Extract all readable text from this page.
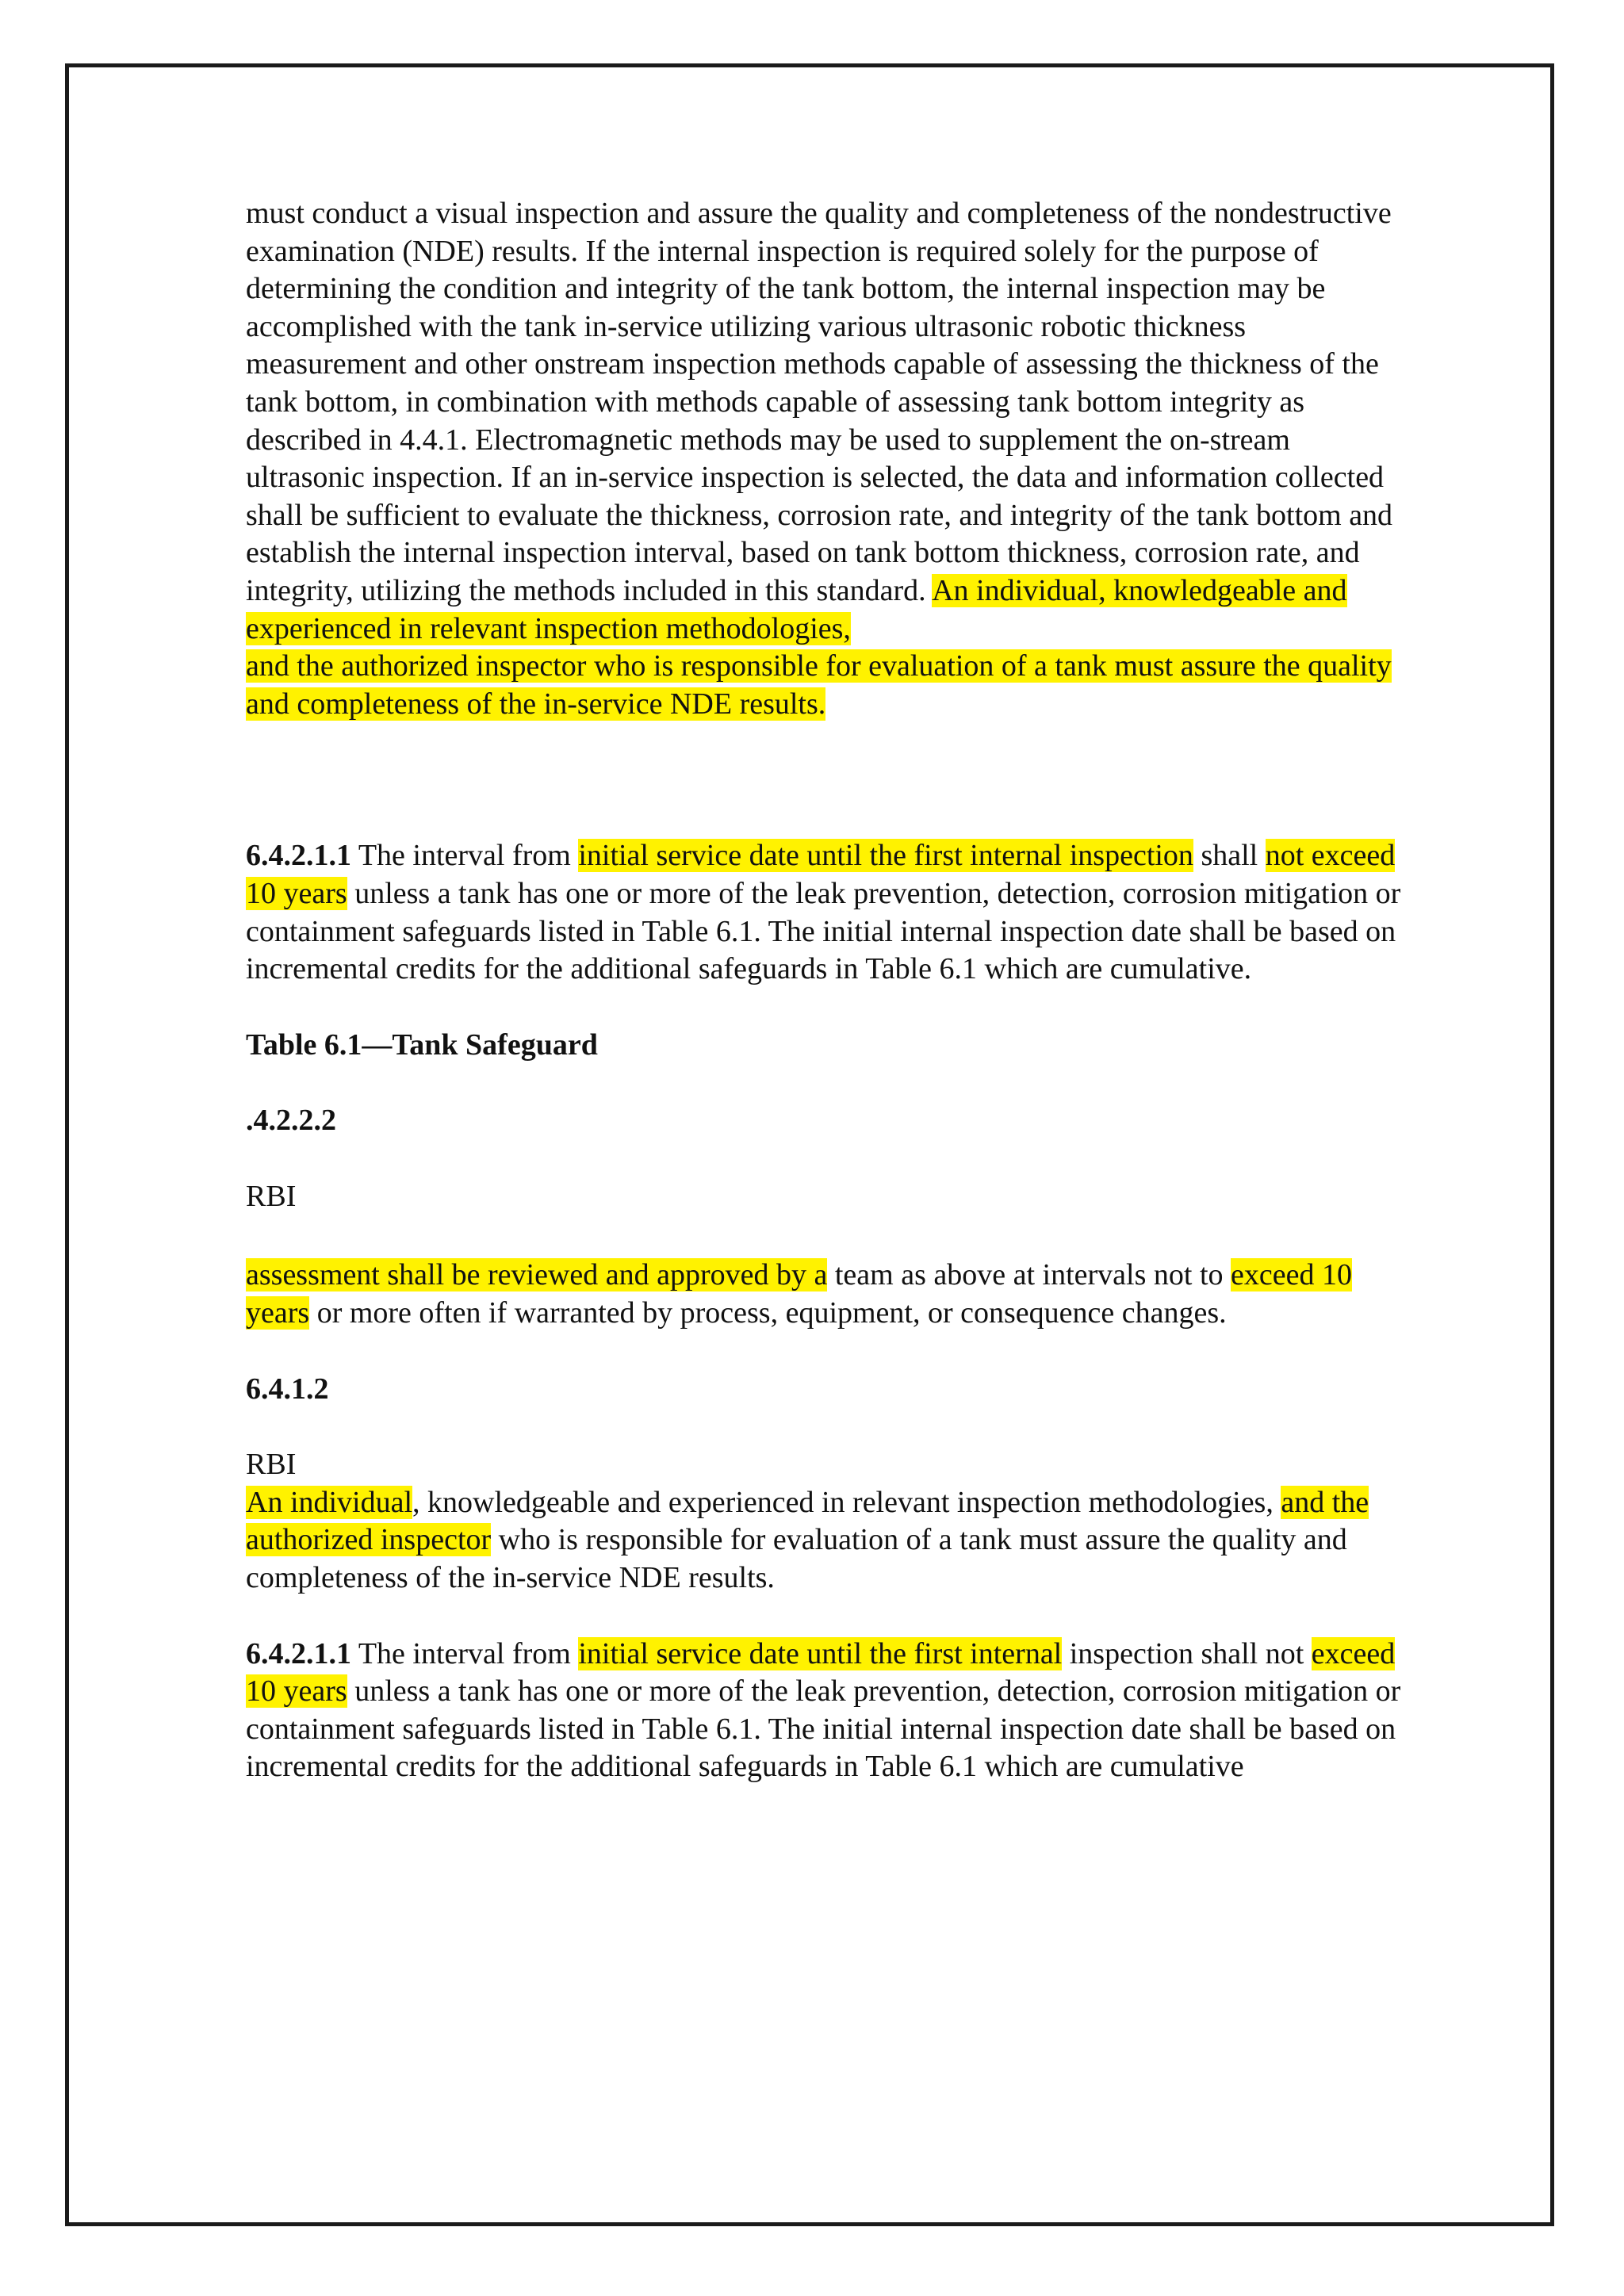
must conduct a visual inspection and assure the quality and completeness of the nondestructive examination (NDE) results. If the internal inspection is required solely for the purpose of determining the condition and integrity of the tank bottom, the internal inspection may be accomplished with the tank in-service utilizing various ultrasonic robotic thickness measurement and other onstream inspection methods capable of assessing the thickness of the tank bottom, in combination with methods capable of assessing tank bottom integrity as described in 4.4.1. Electromagnetic methods may be used to supplement the on-stream ultrasonic inspection. If an in-service inspection is selected, the data and information collected shall be sufficient to evaluate the thickness, corrosion rate, and integrity of the tank bottom and establish the internal inspection interval, based on tank bottom thickness, corrosion rate, and integrity, utilizing the methods included in this standard. An individual, knowledgeable and experienced in relevant inspection methodologies,
and the authorized inspector who is responsible for evaluation of a tank must assure the quality and completeness of the in-service NDE results.

6.4.2.1.1 The interval from initial service date until the first internal inspection shall not exceed 10 years unless a tank has one or more of the leak prevention, detection, corrosion mitigation or containment safeguards listed in Table 6.1. The initial internal inspection date shall be based on incremental credits for the additional safeguards in Table 6.1 which are cumulative.

Table 6.1—Tank Safeguard

.4.2.2.2

RBI

assessment shall be reviewed and approved by a team as above at intervals not to exceed 10 years or more often if warranted by process, equipment, or consequence changes.

6.4.1.2

RBI

An individual, knowledgeable and experienced in relevant inspection methodologies, and the authorized inspector who is responsible for evaluation of a tank must assure the quality and completeness of the in-service NDE results.

6.4.2.1.1 The interval from initial service date until the first internal inspection shall not exceed 10 years unless a tank has one or more of the leak prevention, detection, corrosion mitigation or containment safeguards listed in Table 6.1. The initial internal inspection date shall be based on incremental credits for the additional safeguards in Table 6.1 which are cumulative
